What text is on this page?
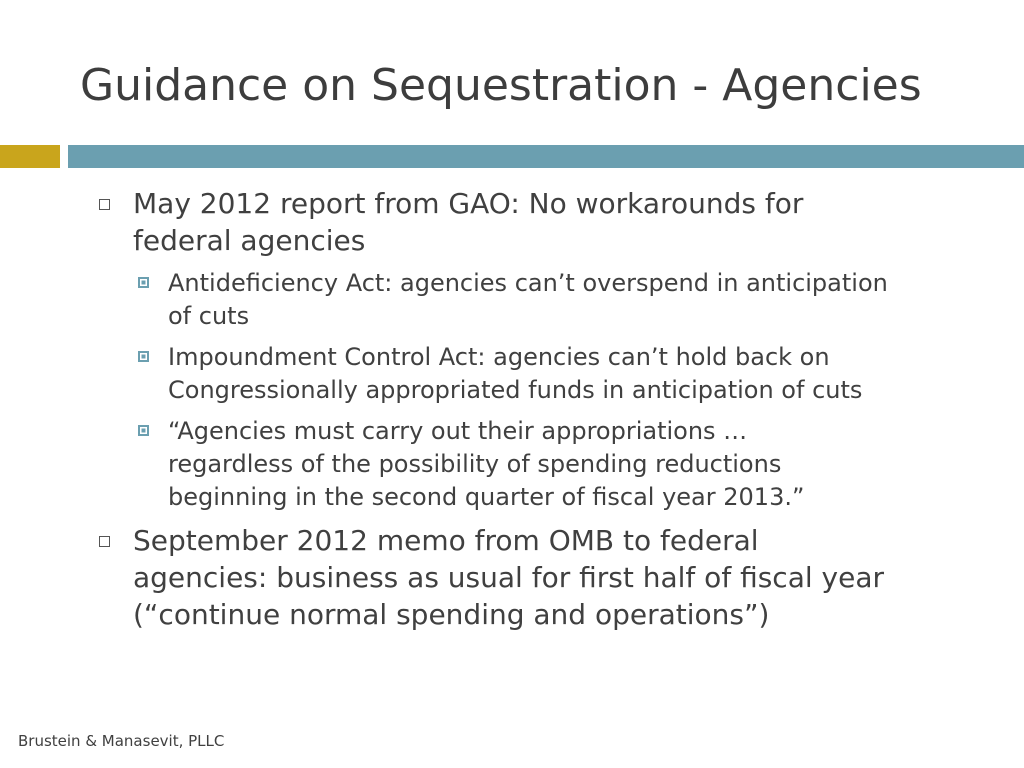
Guidance on Sequestration - Agencies
May 2012 report from GAO: No workarounds for
federal agencies
Antideficiency Act: agencies can’t overspend in anticipation
of cuts
Impoundment Control Act: agencies can’t hold back on
Congressionally appropriated funds in anticipation of cuts
“Agencies must carry out their appropriations …
regardless of the possibility of spending reductions
beginning in the second quarter of fiscal year 2013.”
September 2012 memo from OMB to federal
agencies: business as usual for first half of fiscal year
(“continue normal spending and operations”)
Brustein & Manasevit, PLLC
